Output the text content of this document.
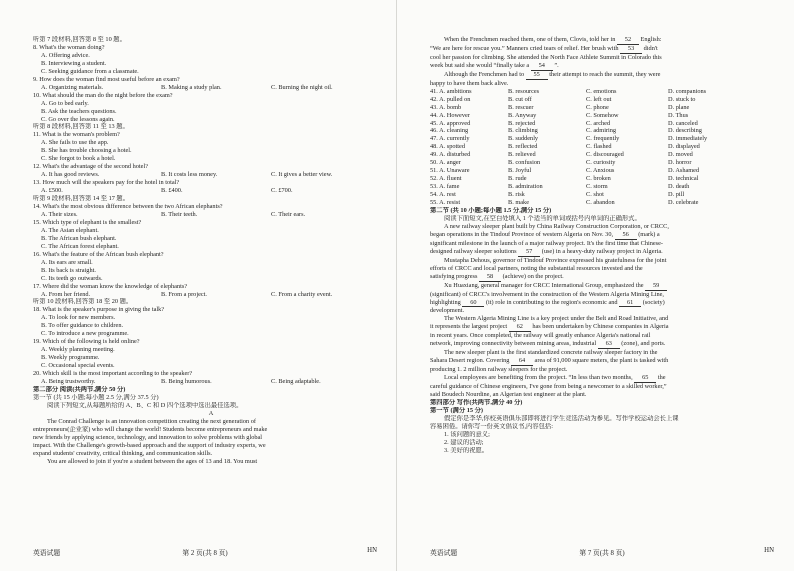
听第 7 段材料,回答第 8 至 10 题。
8. What's the woman doing?
A. Offering advice.
B. Interviewing a student.
C. Seeking guidance from a classmate.
9. How does the woman find most useful before an exam?
A. Organizing materials.	B. Making a study plan.	C. Burning the night oil.
10. What should the man do the night before the exam?
A. Go to bed early.
B. Ask the teachers questions.
C. Go over the lessons again.
听第 8 段材料,回答第 11 至 13 题。
11. What is the woman's problem?
A. She fails to use the app.
B. She has trouble choosing a hotel.
C. She forgot to book a hotel.
12. What's the advantage of the second hotel?
A. It has good reviews.	B. It costs less money.	C. It gives a better view.
13. How much will the speakers pay for the hotel in total?
A. £500.	B. £400.	C. £700.
听第 9 段材料,回答第 14 至 17 题。
14. What's the most obvious difference between the two African elephants?
A. Their sizes.	B. Their teeth.	C. Their ears.
15. Which type of elephant is the smallest?
A. The Asian elephant.
B. The African bush elephant.
C. The African forest elephant.
16. What's the feature of the African bush elephant?
A. Its ears are small.
B. Its back is straight.
C. Its teeth go outwards.
17. Where did the woman know the knowledge of elephants?
A. From her friend.	B. From a project.	C. From a charity event.
听第 10 段材料,回答第 18 至 20 题。
18. What is the speaker's purpose in giving the talk?
A. To look for new members.
B. To offer guidance to children.
C. To introduce a new programme.
19. Which of the following is held online?
A. Weekly planning meeting.
B. Weekly programme.
C. Occasional special events.
20. Which skill is the most important according to the speaker?
A. Being trustworthy.	B. Being humorous.	C. Being adaptable.
第二部分 阅读(共两节,满分 50 分)
第一节 (共 15 小题;每小题 2.5 分,满分 37.5 分)
阅读下列短文,从每题所给的 A、B、C 和 D 四个选项中选出最佳选项。
A
The Conrad Challenge is an innovation competition creating the next generation of
entrepreneurs(企业家) who will change the world! Students become entrepreneurs and make
new friends by applying science, technology, and innovation to solve problems with global
impact. With the Challenge's growth-based approach and the support of industry experts, we
expand students' creativity, critical thinking, and communication skills.
You are allowed to join if you're a student between the ages of 13 and 18. You must
英语试题	第 2 页(共 8 页)	HN
When the Frenchmen reached them, one of them, Clovis, told her in 52 English:
“We are here for rescue you.” Manners cried tears of relief. Her brush with 53 didn't
cool her passion for climbing. She attended the North Face Athlete Summit in Colorado this
week but said she would “finally take a 54 ”.
Although the Frenchmen had to 55 their attempt to reach the summit, they were
happy to have them back alive.
41. A. ambitions	B. resources	C. emotions	D. companions
42. A. pulled on	B. cut off	C. left out	D. stuck to
43. A. bomb	B. rescuer	C. phone	D. plane
44. A. However	B. Anyway	C. Somehow	D. Thus
45. A. approved	B. rejected	C. arched	D. canceled
46. A. cleaning	B. climbing	C. admiring	D. describing
47. A. currently	B. suddenly	C. frequently	D. immediately
48. A. spotted	B. reflected	C. flashed	D. displayed
49. A. disturbed	B. relieved	C. discouraged	D. moved
50. A. anger	B. confusion	C. curiosity	D. horror
51. A. Unaware	B. Joyful	C. Anxious	D. Ashamed
52. A. fluent	B. rude	C. broken	D. technical
53. A. fame	B. admiration	C. storm	D. death
54. A. rest	B. risk	C. shot	D. pill
55. A. resist	B. make	C. abandon	D. celebrate
第二节 (共 10 小题;每小题 1.5 分,满分 15 分)
阅读下面短文,在空白处填入 1 个适当的单词或括号内单词的正确形式。
A new railway sleeper plant built by China Railway Construction Corporation, or CRCC,
began operations in the Tindouf Province of western Algeria on Nov. 30, 56 (mark) a
significant milestone in the launch of a major railway project. It's the first time that Chinese-
designed railway sleeper solutions 57 (use) in a heavy-duty railway project in Algeria.
Mustapha Dehous, governor of Tindouf Province expressed his gratefulness for the joint
efforts of CRCC and local partners, noting the substantial resources invested and the
satisfying progress 58 (achieve) on the project.
Xu Huaxiang, general manager for CRCC International Group, emphasized the 59
(significant) of CRCC's involvement in the construction of the Western Algeria Mining Line,
highlighting 60 (it) role in contributing to the region's economic and 61 (society)
development.
The Western Algeria Mining Line is a key project under the Belt and Road Initiative, and
it represents the largest project 62 has been undertaken by Chinese companies in Algeria
in recent years. Once completed, the railway will greatly enhance Algeria's national rail
network, improving connectivity between mining areas, industrial 63 (zone), and ports.
The new sleeper plant is the first standardized concrete railway sleeper factory in the
Sahara Desert region. Covering 64 area of 91,000 square meters, the plant is tasked with
producing 1. 2 million railway sleepers for the project.
Local employees are benefiting from the project. “In less than two months, 65 the
careful guidance of Chinese engineers, I've gone from being a newcomer to a skilled worker,”
said Boudech Nourdine, an Algerian test engineer at the plant.
第四部分 写作(共两节,满分 40 分)
第一节 (满分 15 分)
假定你是李华,你校英语俱乐部即将进行学生竞选活动为参见。写作学校运动会长上课
容易困倦。请你写一份英文倡议书,内容包括:
1. 该问题的意义;
2. 建议的活动;
3. 美好的祝愿。
英语试题	第 7 页(共 8 页)	HN
